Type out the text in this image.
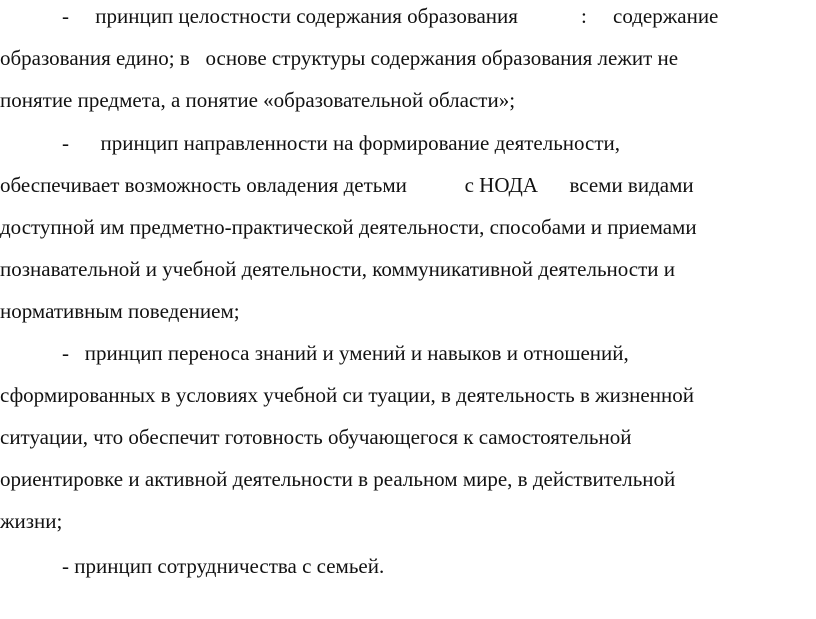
-     принцип целостности содержания образования            :     содержание
образования едино; в   основе структуры содержания образования лежит не
понятие предмета, а понятие «образовательной области»;
-      принцип направленности на формирование деятельности,
обеспечивает возможность овладения детьми           с НОДА      всеми видами
доступной им предметно-практической деятельности, способами и приемами
познавательной и учебной деятельности, коммуникативной деятельности и
нормативным поведением;
-   принцип переноса знаний и умений и навыков и отношений,
сформированных в условиях учебной си туации, в деятельность в жизненной
ситуации, что обеспечит готовность обучающегося к самостоятельной
ориентировке и активной деятельности в реальном мире, в действительной
жизни;
- принцип сотрудничества с семьей.
